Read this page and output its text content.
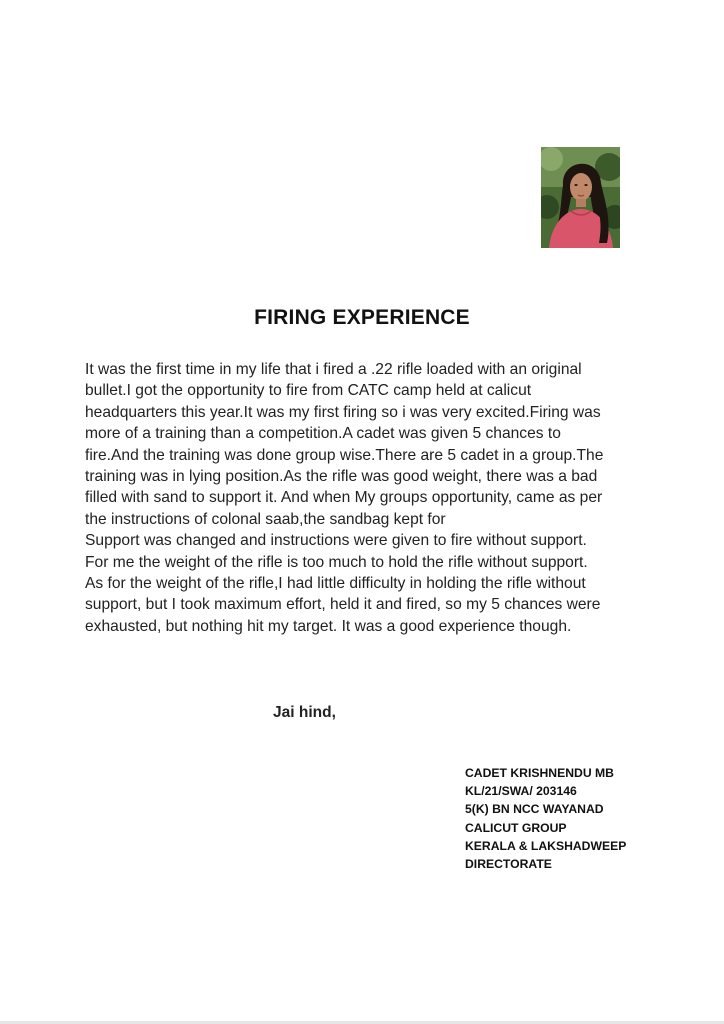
FIRING EXPERIENCE
It was the first time in my life that i fired a .22 rifle loaded with an original
bullet.I got the opportunity to fire from CATC camp held at calicut
headquarters this year.It was my first firing so i was very excited.Firing was
more of a training than a competition.A cadet was given 5 chances to
fire.And the training was done group wise.There are 5 cadet in a group.The
training was in lying position.As the rifle was good weight, there was a bad
filled with sand to support it. And when My groups opportunity, came as per
the instructions of colonal saab,the sandbag kept for
Support was changed and instructions were given to fire without support.
For me the weight of the rifle is too much to hold the rifle without support.
As for the weight of the rifle,I had little difficulty in holding the rifle without
support, but I took maximum effort, held it and fired, so my 5 chances were
exhausted, but nothing hit my target. It was a good experience though.
Jai hind,
CADET KRISHNENDU MB
KL/21/SWA/ 203146
5(K) BN NCC WAYANAD
CALICUT GROUP
KERALA & LAKSHADWEEP
DIRECTORATE
